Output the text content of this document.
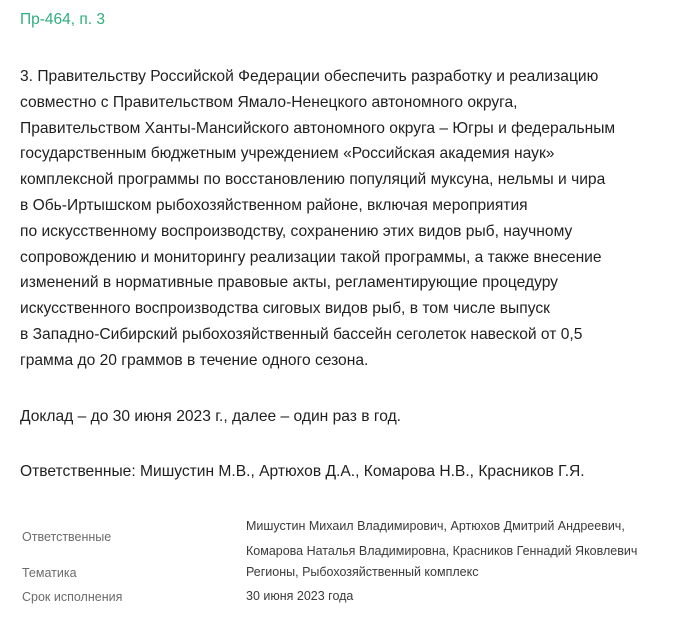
Пр-464, п. 3

3. Правительству Российской Федерации обеспечить разработку и реализацию
совместно с Правительством Ямало-Ненецкого автономного округа,
Правительством Ханты-Мансийского автономного округа – Югры и федеральным
государственным бюджетным учреждением «Российская академия наук»
комплексной программы по восстановлению популяций муксуна, нельмы и чира
в Обь-Иртышском рыбохозяйственном районе, включая мероприятия
по искусственному воспроизводству, сохранению этих видов рыб, научному
сопровождению и мониторингу реализации такой программы, а также внесение
изменений в нормативные правовые акты, регламентирующие процедуру
искусственного воспроизводства сиговых видов рыб, в том числе выпуск
в Западно-Сибирский рыбохозяйственный бассейн сеголеток навеской от 0,5
грамма до 20 граммов в течение одного сезона.

Доклад – до 30 июня 2023 г., далее – один раз в год.

Ответственные: Мишустин М.В., Артюхов Д.А., Комарова Н.В., Красников Г.Я.

Ответственные
Мишустин Михаил Владимирович, Артюхов Дмитрий Андреевич,
Комарова Наталья Владимировна, Красников Геннадий Яковлевич
Тематика	Регионы, Рыбохозяйственный комплекс
Срок исполнения	30 июня 2023 года
